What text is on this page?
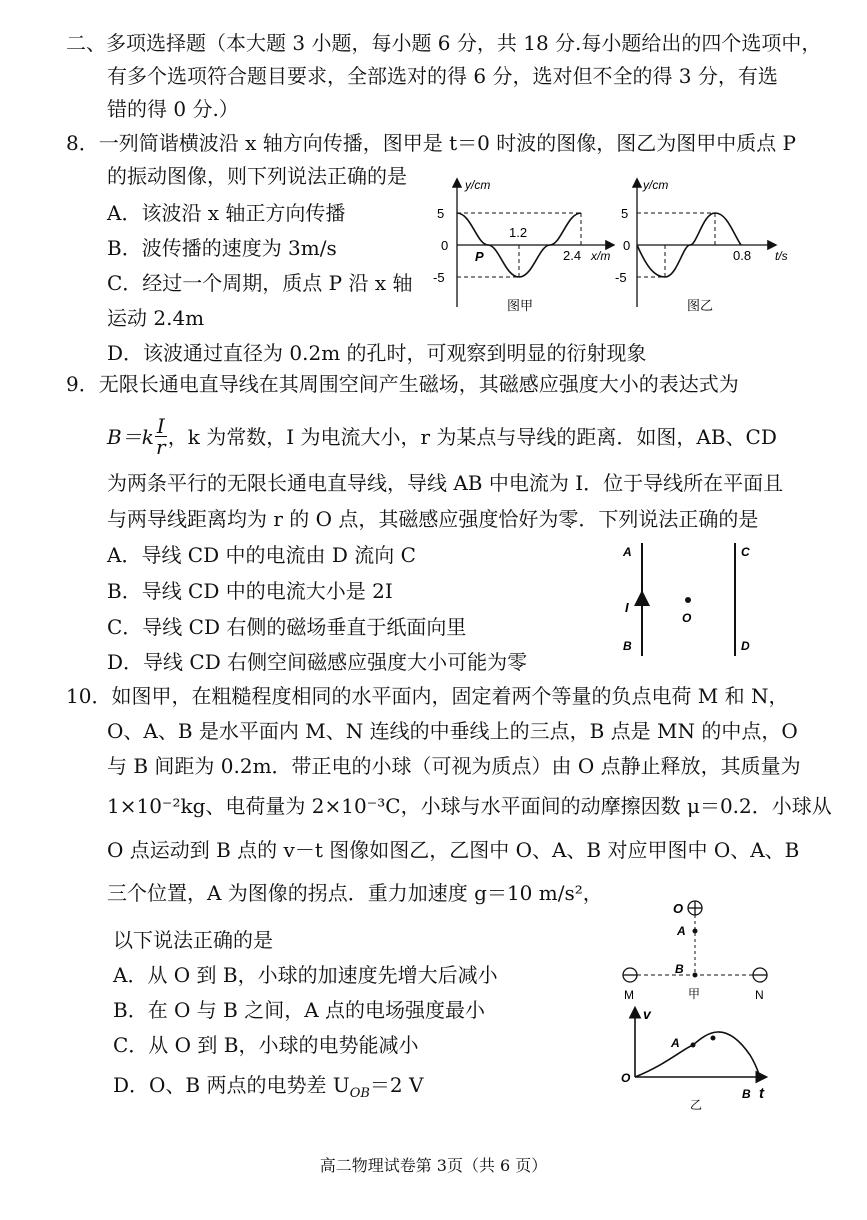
二、多项选择题（本大题 3 小题，每小题 6 分，共 18 分.每小题给出的四个选项中，
有多个选项符合题目要求，全部选对的得 6 分，选对但不全的得 3 分，有选
错的得 0 分.）
8．一列简谐横波沿 x 轴方向传播，图甲是 t＝0 时波的图像，图乙为图甲中质点 P
的振动图像，则下列说法正确的是
A．该波沿 x 轴正方向传播
B．波传播的速度为 3m/s
C．经过一个周期，质点 P 沿 x 轴
运动 2.4m
D．该波通过直径为 0.2m 的孔时，可观察到明显的衍射现象
y/cm
5
0
-5
1.2
2.4 x/m
P
图甲
y/cm
5
0
-5
0.8 t/s
图乙
9．无限长通电直导线在其周围空间产生磁场，其磁感应强度大小的表达式为
$B=k \frac{I}{r}$ ，k 为常数，I 为电流大小，r 为某点与导线的距离．如图，AB、CD
为两条平行的无限长通电直导线，导线 AB 中电流为 I．位于导线所在平面且
与两导线距离均为 r 的 O 点，其磁感应强度恰好为零．下列说法正确的是
A．导线 CD 中的电流由 D 流向 C
B．导线 CD 中的电流大小是 2I
C．导线 CD 右侧的磁场垂直于纸面向里
D．导线 CD 右侧空间磁感应强度大小可能为零
A
B
C
D
I
O
10．如图甲，在粗糙程度相同的水平面内，固定着两个等量的负点电荷 M 和 N，
O、A、B 是水平面内 M、N 连线的中垂线上的三点，B 点是 MN 的中点，O
与 B 间距为 0.2m．带正电的小球（可视为质点）由 O 点静止释放，其质量为
1×10⁻²kg、电荷量为 2×10⁻³C，小球与水平面间的动摩擦因数 μ＝0.2．小球从
O 点运动到 B 点的 v－t 图像如图乙，乙图中 O、A、B 对应甲图中 O、A、B
三个位置，A 为图像的拐点．重力加速度 g＝10 m/s²，
以下说法正确的是
A．从 O 到 B，小球的加速度先增大后减小
B．在 O 与 B 之间，A 点的电场强度最小
C．从 O 到 B，小球的电势能减小
D．O、B 两点的电势差 $U_{OB}=2$ V
O
A
B
M	N
甲
v
O
A
B t
乙
高二物理试卷第 3页（共 6 页）
